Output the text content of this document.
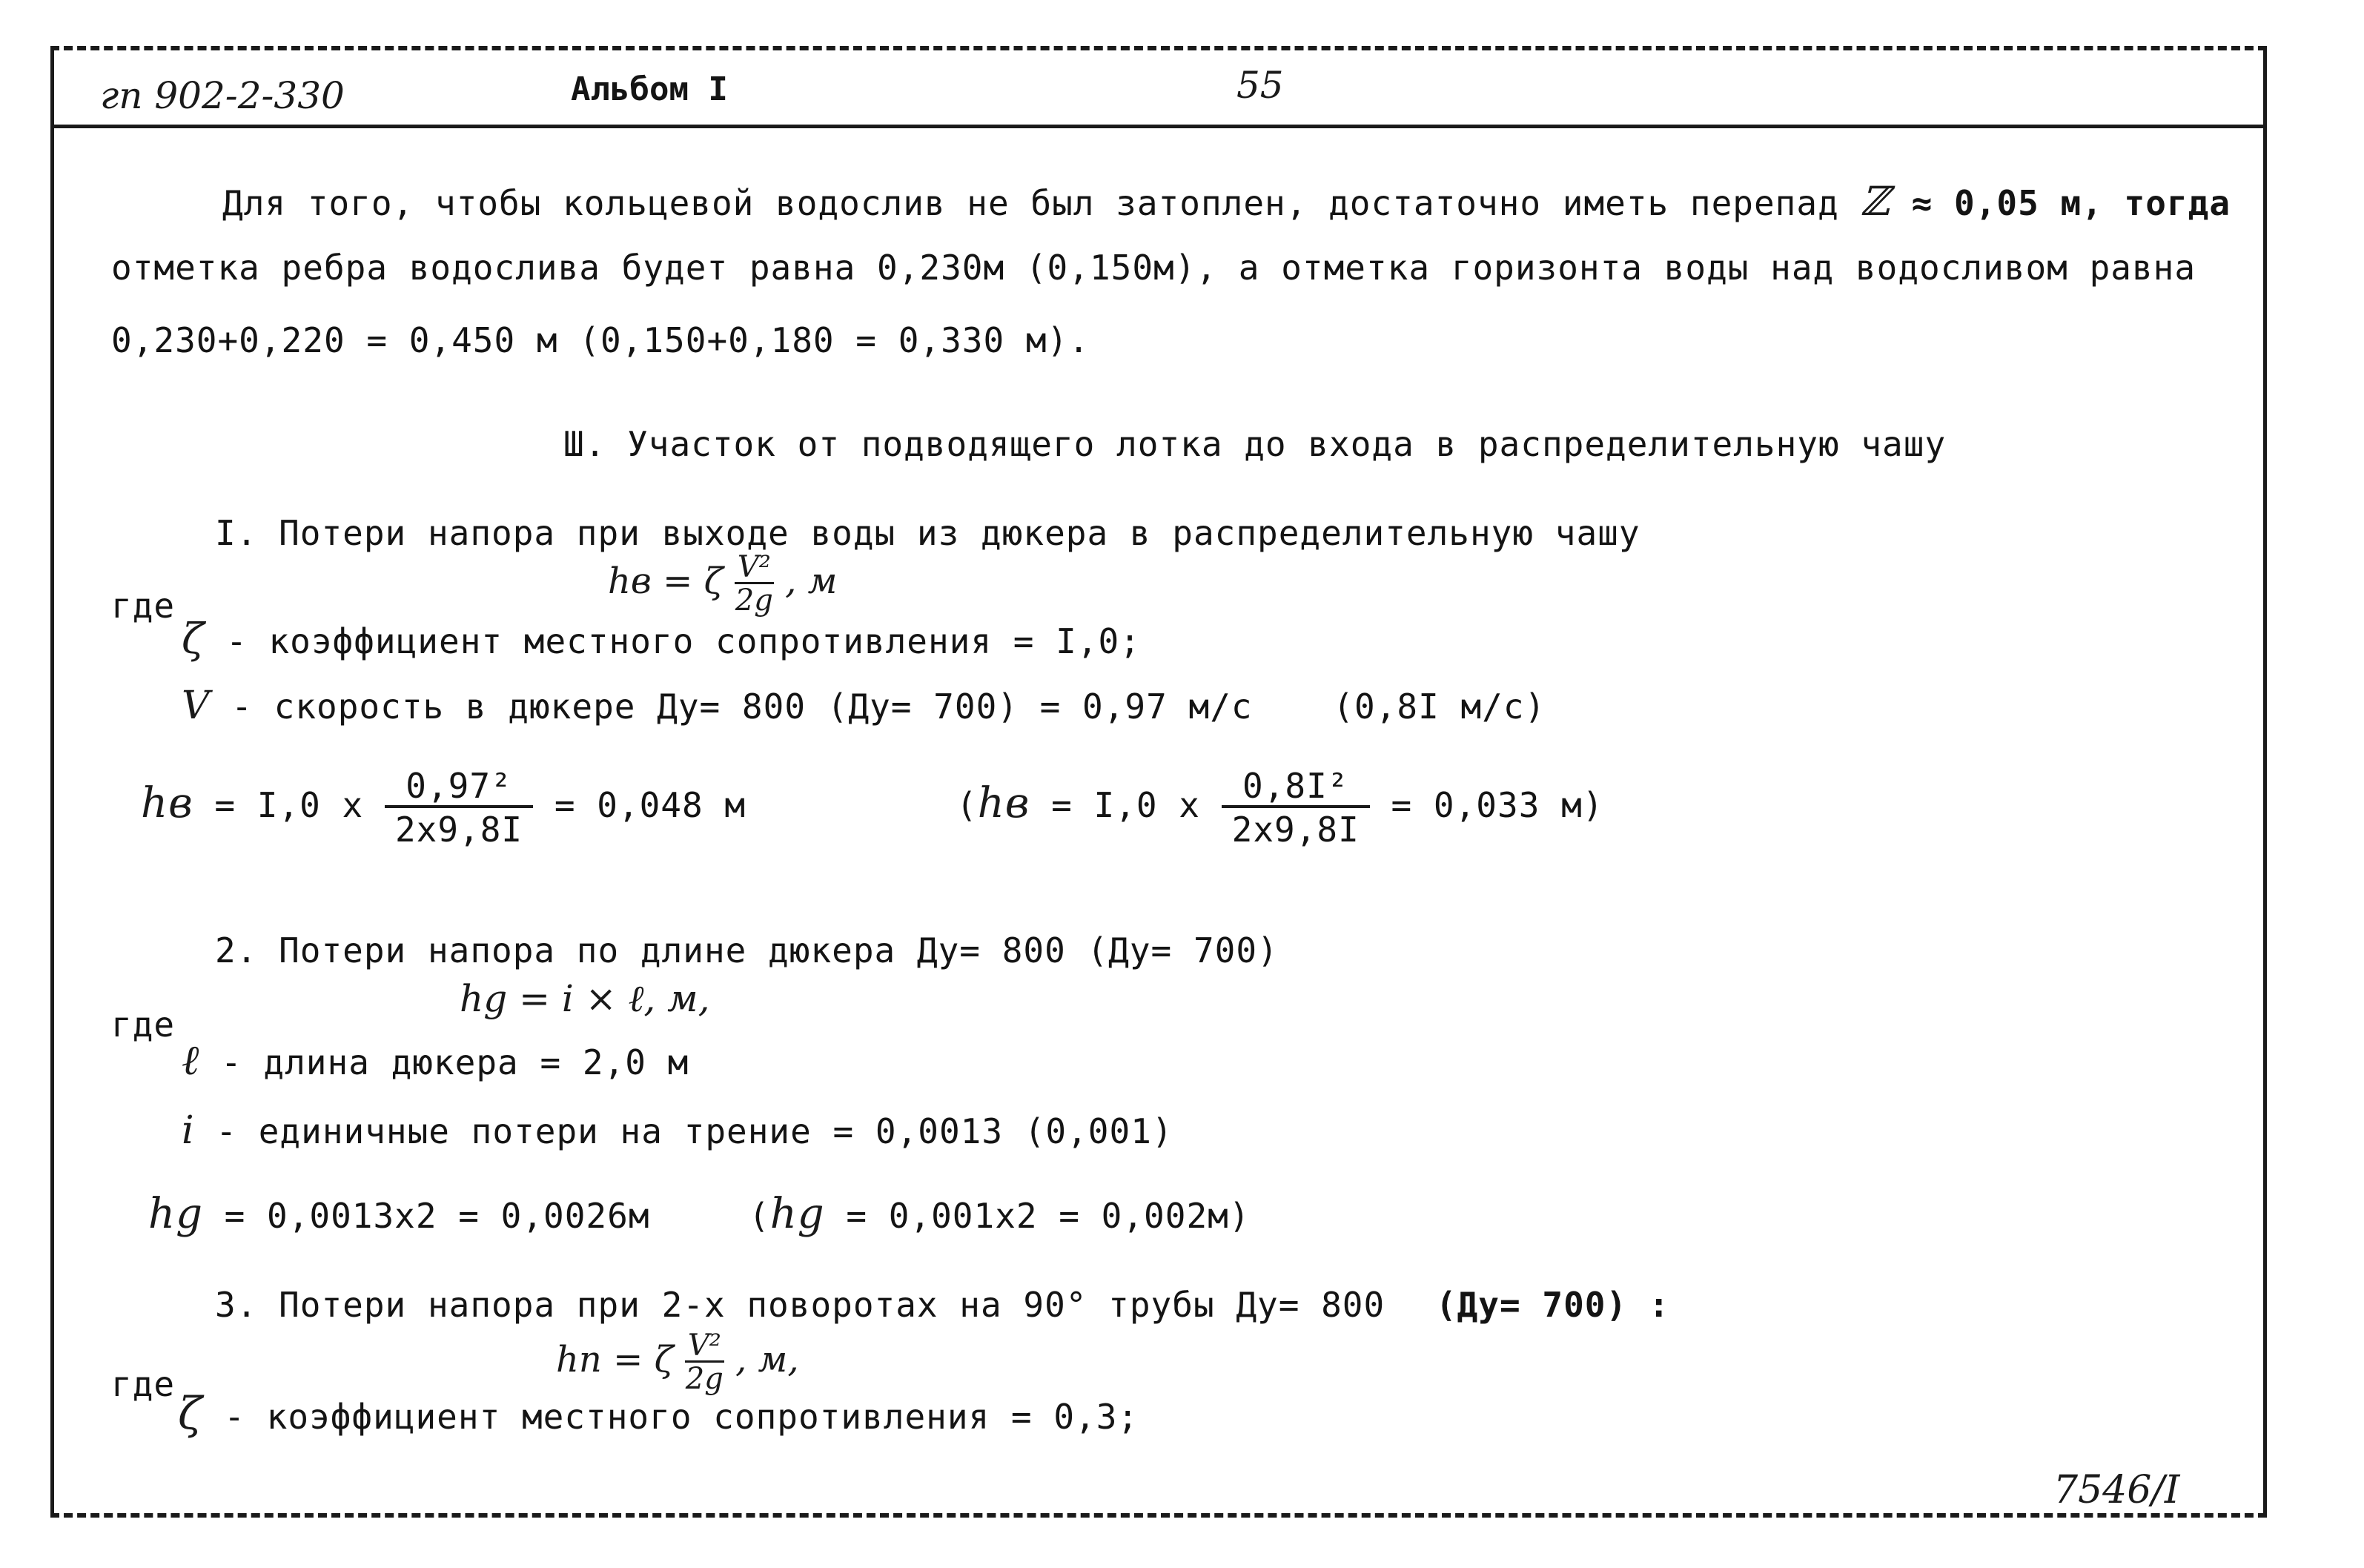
гп 902-2-330	Альбом I	55
Для того, чтобы кольцевой водослив не был затоплен, достаточно иметь перепад ℤ ≈ 0,05 м, тогда
отметка ребра водослива будет равна 0,230м (0,150м), а отметка горизонта воды над водосливом равна
0,230+0,220 = 0,450 м (0,150+0,180 = 0,330 м).
Ш. Участок от подводящего лотка до входа в распределительную чашу
I. Потери напора при выходе воды из дюкера в распределительную чашу
hв = ζ $\frac{\text{V²}}{2g}$ , м
где
ζ - коэффициент местного сопротивления = I,0;
V - скорость в дюкере Ду= 800 (Ду= 700) = 0,97 м/с (0,8I м/с)
hв = I,0 x $\frac{\text{0,97²}}{2x9,8I} = 0,048$ м	(hв = I,0 x $\frac{\text{0,8I²}}{2x9,8I} = 0,033$ м)
2. Потери напора по длине дюкера Ду= 800 (Ду= 700)
hg = i × ℓ, м,
где
ℓ - длина дюкера = 2,0 м
i - единичные потери на трение = 0,0013 (0,001)
hg = 0,0013x2 = 0,0026м	(hg = 0,001x2 = 0,002м)
3. Потери напора при 2-х поворотах на 90° трубы Ду= 800 (Ду= 700) :
hп = ζ $\frac{\text{V²}}{2g}$ , м,
где
ζ - коэффициент местного сопротивления = 0,3;
7546/I
